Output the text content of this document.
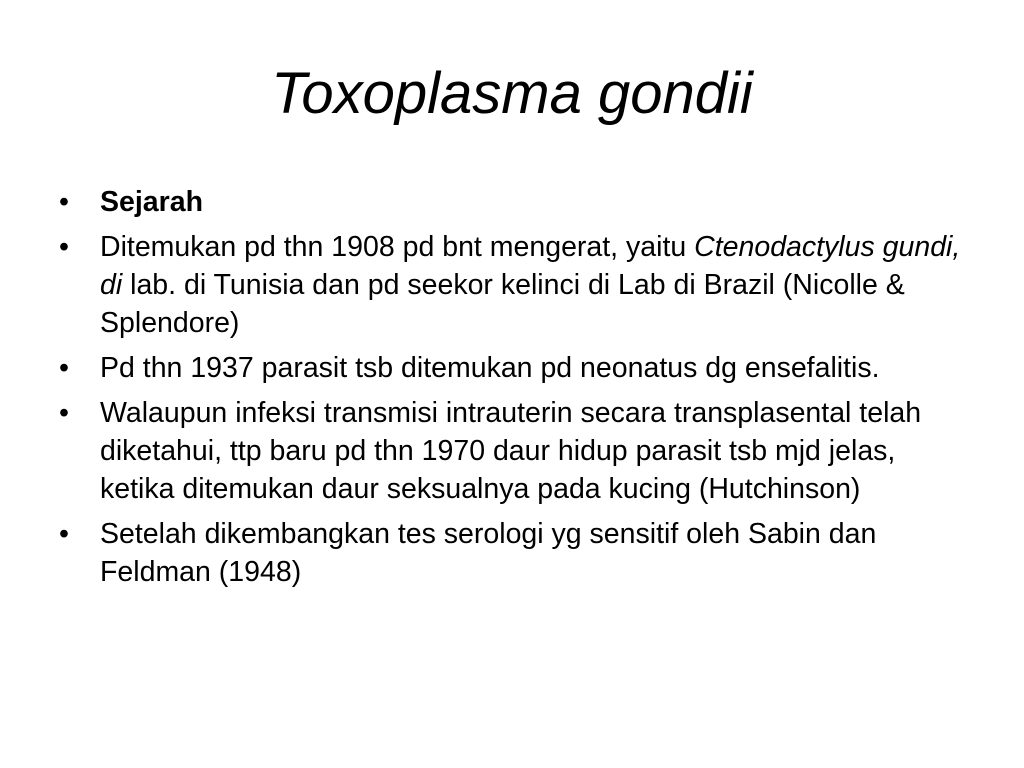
Toxoplasma gondii
•	Sejarah
•	Ditemukan pd thn 1908 pd bnt mengerat, yaitu Ctenodactylus gundi, di lab. di Tunisia dan pd seekor kelinci di Lab di Brazil (Nicolle & Splendore)
•	Pd thn 1937 parasit tsb ditemukan pd neonatus dg ensefalitis.
•	Walaupun infeksi transmisi intrauterin secara transplasental telah diketahui, ttp baru pd thn 1970 daur hidup parasit tsb mjd jelas, ketika ditemukan daur seksualnya pada kucing (Hutchinson)
•	Setelah dikembangkan tes serologi yg sensitif oleh Sabin dan Feldman (1948)
